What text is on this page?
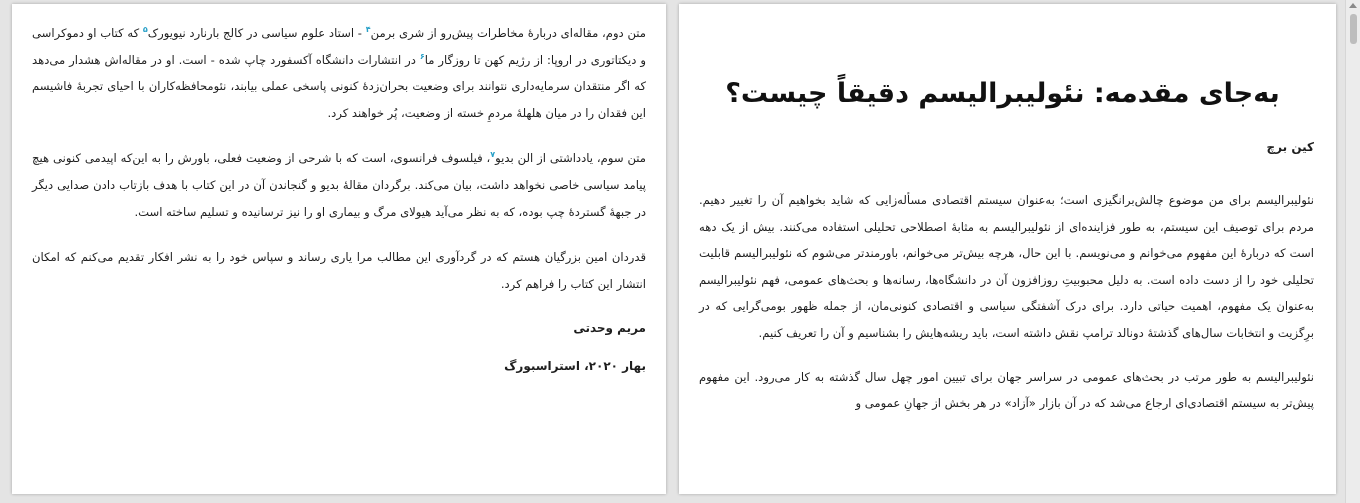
متن دوم، مقاله‌ای دربارهٔ مخاطرات پیش‌رو از شری برمن$^۴$ - استاد علوم سیاسی در کالج بارنارد نیویورک$^۵$ که کتاب او دموکراسی و دیکتاتوری در اروپا: از رژیم کهن تا روزگار ما$^۶$ در انتشارات دانشگاه آکسفورد چاپ شده - است. او در مقاله‌اش هشدار می‌دهد که اگر منتقدان سرمایه‌داری نتوانند برای وضعیت بحران‌زدهٔ کنونی پاسخی عملی بیابند، نئومحافظه‌کاران با احیای تجربهٔ فاشیسم این فقدان را در میان هلهلهٔ مردمِ خسته از وضعیت، پُر خواهند کرد.

متن سوم، یادداشتی از الن بدیو$^۷$، فیلسوف فرانسوی، است که با شرحی از وضعیت فعلی، باورش را به این‌که اپیدمی کنونی هیچ پیامد سیاسی خاصی نخواهد داشت، بیان می‌کند. برگردان مقالهٔ بدیو و گنجاندن آن در این کتاب با هدف بازتاب دادن صدایی دیگر در جبههٔ گستردهٔ چپ بوده، که به نظر می‌آید هیولای مرگ و بیماری او را نیز ترسانیده و تسلیم ساخته است.

قدردان امین بزرگیان هستم که در گردآوری این مطالب مرا یاری رساند و سپاس خود را به نشر افکار تقدیم می‌کنم که امکان انتشار این کتاب را فراهم کرد.

مریم وحدتی

بهار ۲۰۲۰، استراسبورگ

به‌جای مقدمه: نئولیبرالیسم دقیقاً چیست؟

کین برچ

نئولیبرالیسم برای من موضوع چالش‌برانگیزی است؛ به‌عنوان سیستم اقتصادی مسأله‌زایی که شاید بخواهیم آن را تغییر دهیم. مردم برای توصیف این سیستم، به طور فزاینده‌ای از نئولیبرالیسم به مثابهٔ اصطلاحی تحلیلی استفاده می‌کنند. بیش از یک دهه است که دربارهٔ این مفهوم می‌خوانم و می‌نویسم. با این حال، هرچه بیش‌تر می‌خوانم، باورمندتر می‌شوم که نئولیبرالیسم قابلیت تحلیلی خود را از دست داده است. به دلیل محبوبیتِ روزافزون آن در دانشگاه‌ها، رسانه‌ها و بحث‌های عمومی، فهم نئولیبرالیسم به‌عنوان یک مفهوم، اهمیت حیاتی دارد. برای درک آشفتگی سیاسی و اقتصادی کنونی‌مان، از جمله ظهور بومی‌گرایی که در برِگزیت و انتخابات سال‌های گذشتهٔ دونالد ترامپ نقش داشته است، باید ریشه‌هایش را بشناسیم و آن را تعریف کنیم.

نئولیبرالیسم به طور مرتب در بحث‌های عمومی در سراسر جهان برای تبیین امور چهل سال گذشته به کار می‌رود. این مفهوم پیش‌تر به سیستم اقتصادی‌ای ارجاع می‌شد که در آن بازار «آزاد» در هر بخش از جهانِ عمومی و
